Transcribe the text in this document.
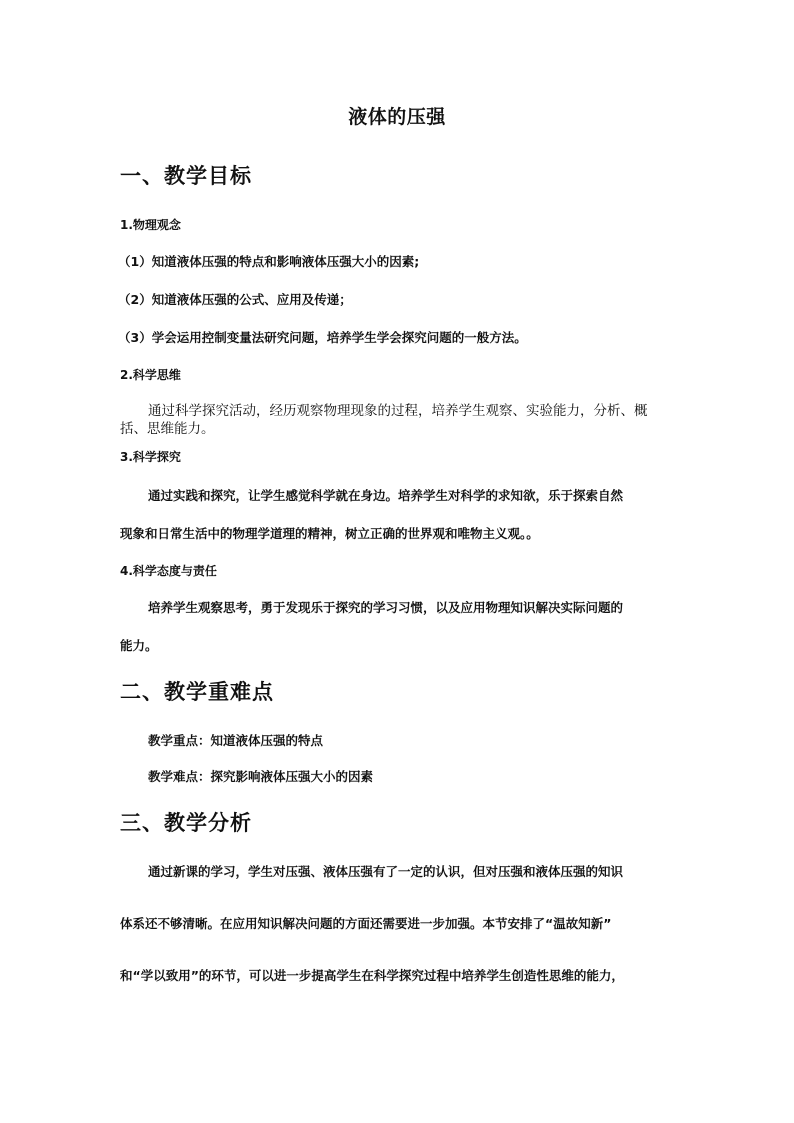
液体的压强
一、教学目标
1.物理观念
（1）知道液体压强的特点和影响液体压强大小的因素;
（2）知道液体压强的公式、应用及传递；
（3）学会运用控制变量法研究问题，培养学生学会探究问题的一般方法。
2.科学思维
通过科学探究活动，经历观察物理现象的过程，培养学生观察、实验能力，分析、概
括、思维能力。
3.科学探究
通过实践和探究，让学生感觉科学就在身边。培养学生对科学的求知欲，乐于探索自然
现象和日常生活中的物理学道理的精神，树立正确的世界观和唯物主义观。。
4.科学态度与责任
培养学生观察思考，勇于发现乐于探究的学习习惯，以及应用物理知识解决实际问题的
能力。
二、教学重难点
教学重点：知道液体压强的特点
教学难点：探究影响液体压强大小的因素
三、教学分析
通过新课的学习，学生对压强、液体压强有了一定的认识，但对压强和液体压强的知识
体系还不够清晰。在应用知识解决问题的方面还需要进一步加强。本节安排了“温故知新”
和“学以致用”的环节，可以进一步提高学生在科学探究过程中培养学生创造性思维的能力，
